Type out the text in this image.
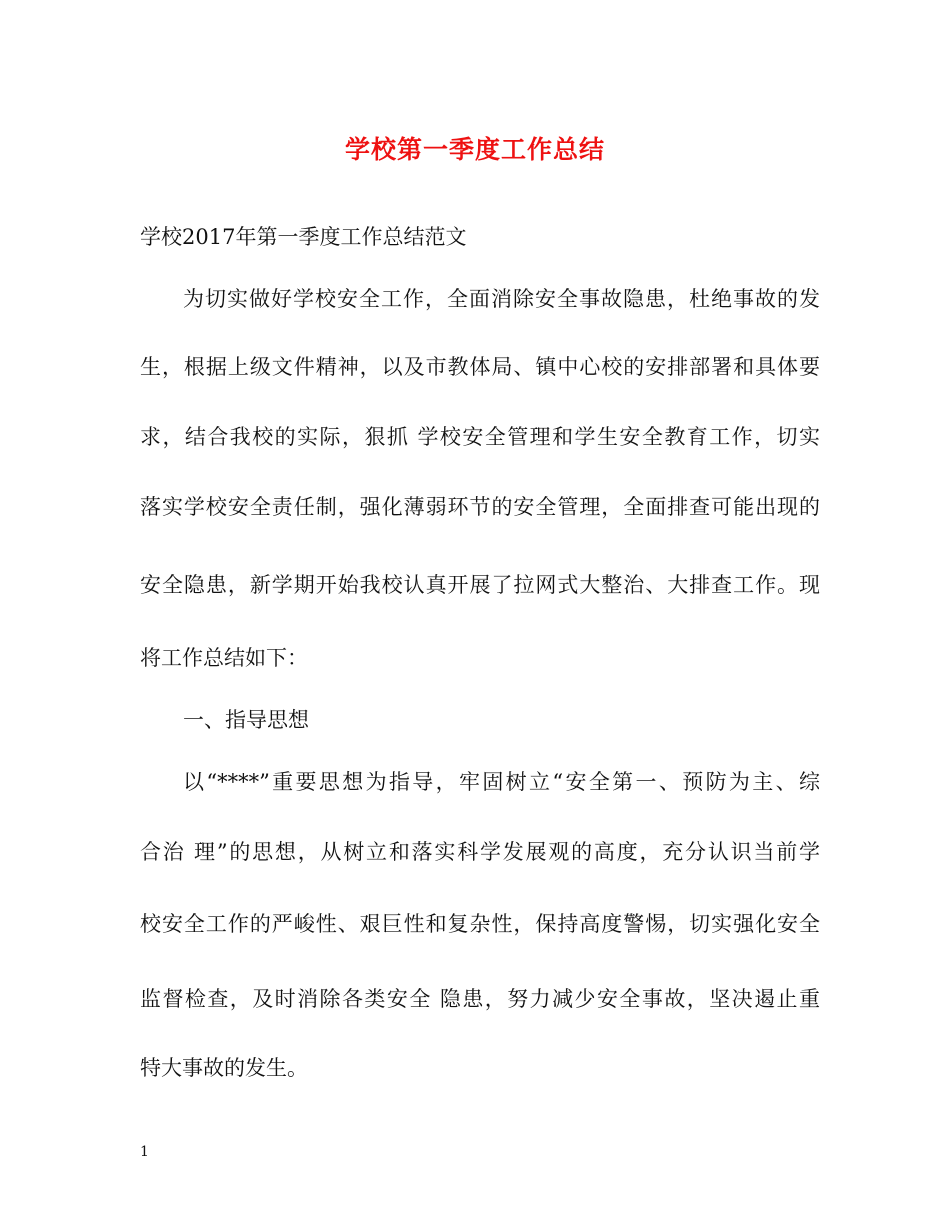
学校第一季度工作总结

学校2017年第一季度工作总结范文

为切实做好学校安全工作，全面消除安全事故隐患，杜绝事故的发

生，根据上级文件精神，以及市教体局、镇中心校的安排部署和具体要

求，结合我校的实际，狠抓 学校安全管理和学生安全教育工作，切实

落实学校安全责任制，强化薄弱环节的安全管理，全面排查可能出现的

安全隐患，新学期开始我校认真开展了拉网式大整治、大排查工作。现

将工作总结如下：

一、指导思想

以“****”重要思想为指导，牢固树立“安全第一、预防为主、综

合治 理”的思想，从树立和落实科学发展观的高度，充分认识当前学

校安全工作的严峻性、艰巨性和复杂性，保持高度警惕，切实强化安全

监督检查，及时消除各类安全 隐患，努力减少安全事故，坚决遏止重

特大事故的发生。

1
